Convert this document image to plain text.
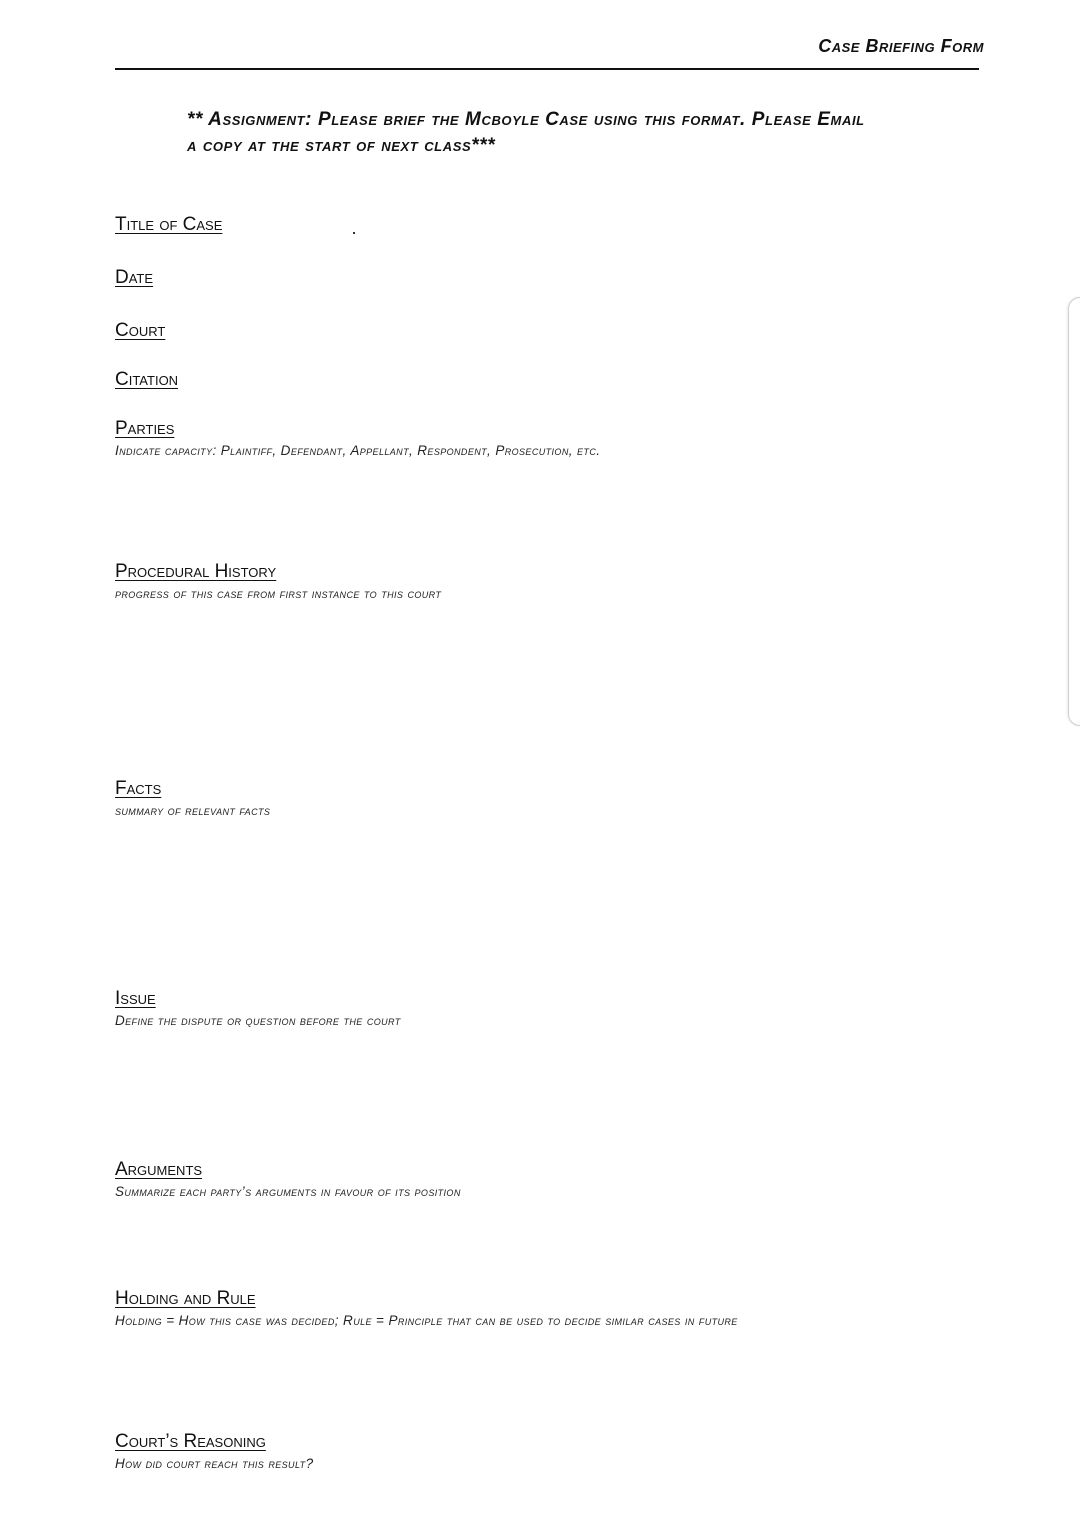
Case Briefing Form
** Assignment: Please brief the Mcboyle Case using this format. Please Email
a copy at the start of next class***
Title of Case
Date
Court
Citation
Parties
Indicate capacity: Plaintiff, Defendant, Appellant, Respondent, Prosecution, etc.
Procedural History
progress of this case from first instance to this court
Facts
summary of relevant facts
Issue
Define the dispute or question before the court
Arguments
Summarize each party’s arguments in favour of its position
Holding and Rule
Holding = How this case was decided; Rule = Principle that can be used to decide similar cases in future
Court’s Reasoning
How did court reach this result?
